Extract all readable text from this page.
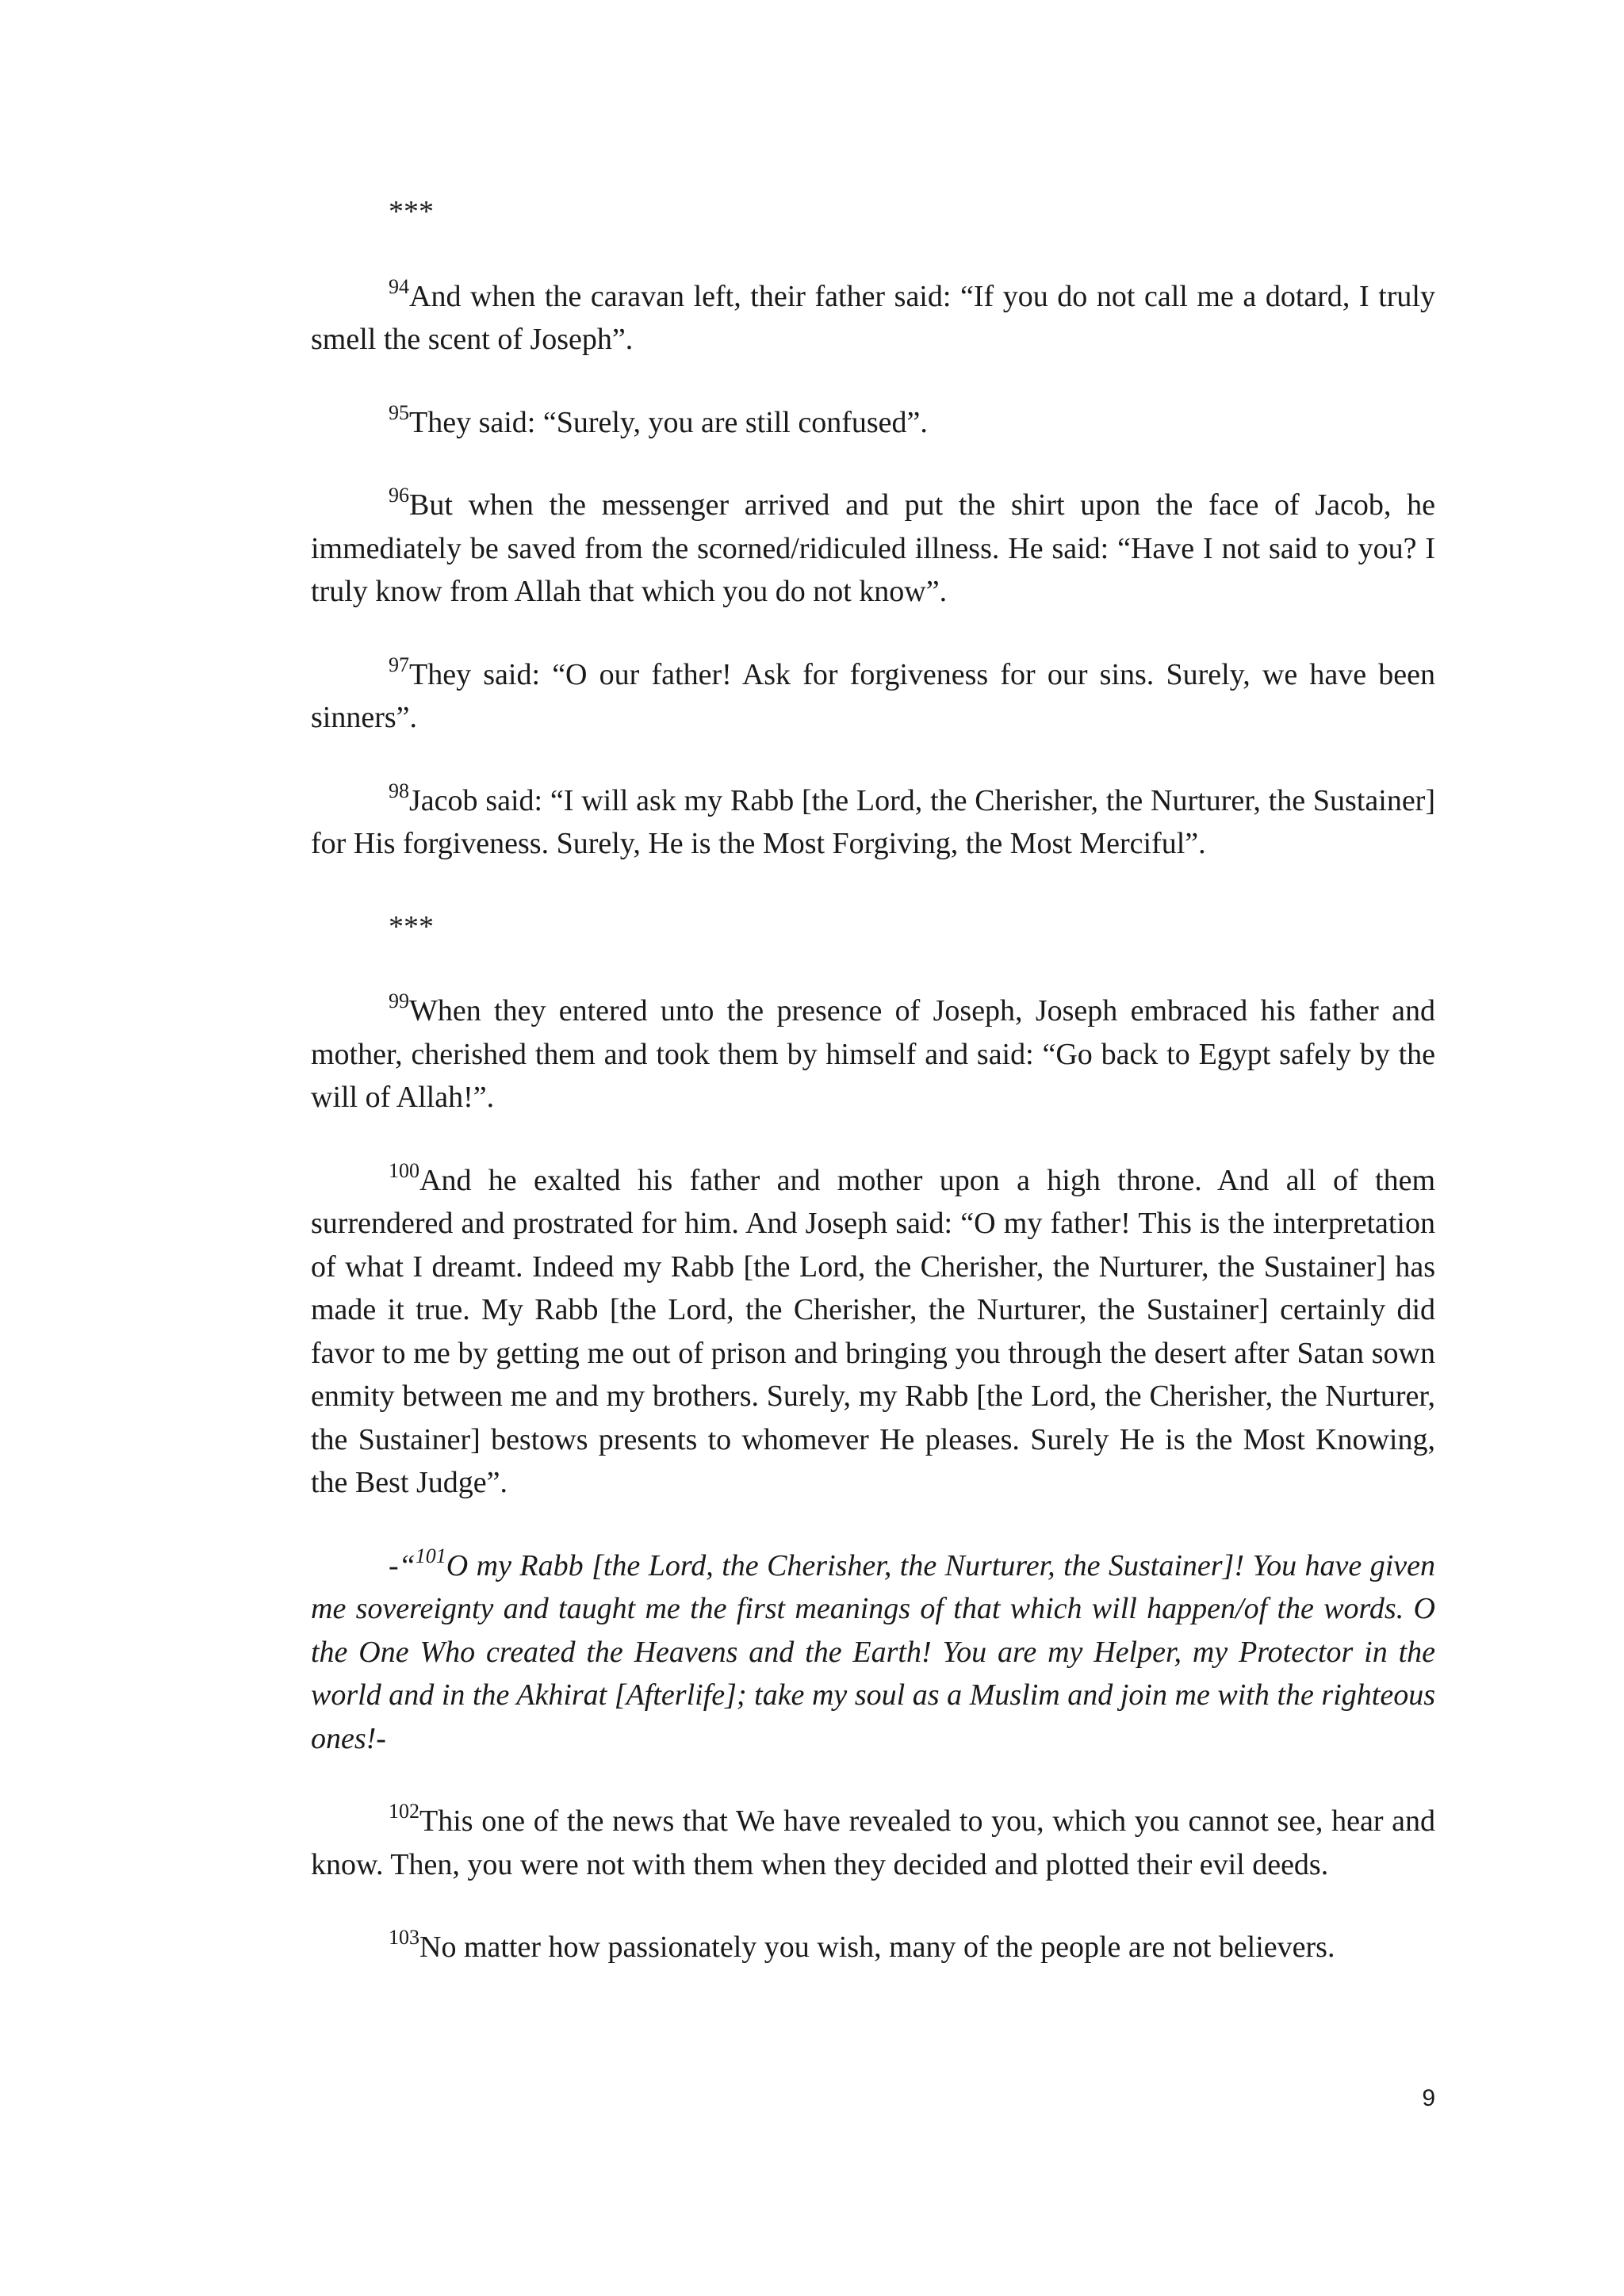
***

$^{94}$And when the caravan left, their father said: “If you do not call me a dotard, I truly smell the scent of Joseph”.

$^{95}$They said: “Surely, you are still confused”.

$^{96}$But when the messenger arrived and put the shirt upon the face of Jacob, he immediately be saved from the scorned/ridiculed illness. He said: “Have I not said to you? I truly know from Allah that which you do not know”.

$^{97}$They said: “O our father! Ask for forgiveness for our sins. Surely, we have been sinners”.

$^{98}$Jacob said: “I will ask my Rabb [the Lord, the Cherisher, the Nurturer, the Sustainer] for His forgiveness. Surely, He is the Most Forgiving, the Most Merciful”.

***

$^{99}$When they entered unto the presence of Joseph, Joseph embraced his father and mother, cherished them and took them by himself and said: “Go back to Egypt safely by the will of Allah!”.

$^{100}$And he exalted his father and mother upon a high throne. And all of them surrendered and prostrated for him. And Joseph said: “O my father! This is the interpretation of what I dreamt. Indeed my Rabb [the Lord, the Cherisher, the Nurturer, the Sustainer] has made it true. My Rabb [the Lord, the Cherisher, the Nurturer, the Sustainer] certainly did favor to me by getting me out of prison and bringing you through the desert after Satan sown enmity between me and my brothers. Surely, my Rabb [the Lord, the Cherisher, the Nurturer, the Sustainer] bestows presents to whomever He pleases. Surely He is the Most Knowing, the Best Judge”.

-“$^{101}$O my Rabb [the Lord, the Cherisher, the Nurturer, the Sustainer]! You have given me sovereignty and taught me the first meanings of that which will happen/of the words. O the One Who created the Heavens and the Earth! You are my Helper, my Protector in the world and in the Akhirat [Afterlife]; take my soul as a Muslim and join me with the righteous ones!-

$^{102}$This one of the news that We have revealed to you, which you cannot see, hear and know. Then, you were not with them when they decided and plotted their evil deeds.

$^{103}$No matter how passionately you wish, many of the people are not believers.

9
